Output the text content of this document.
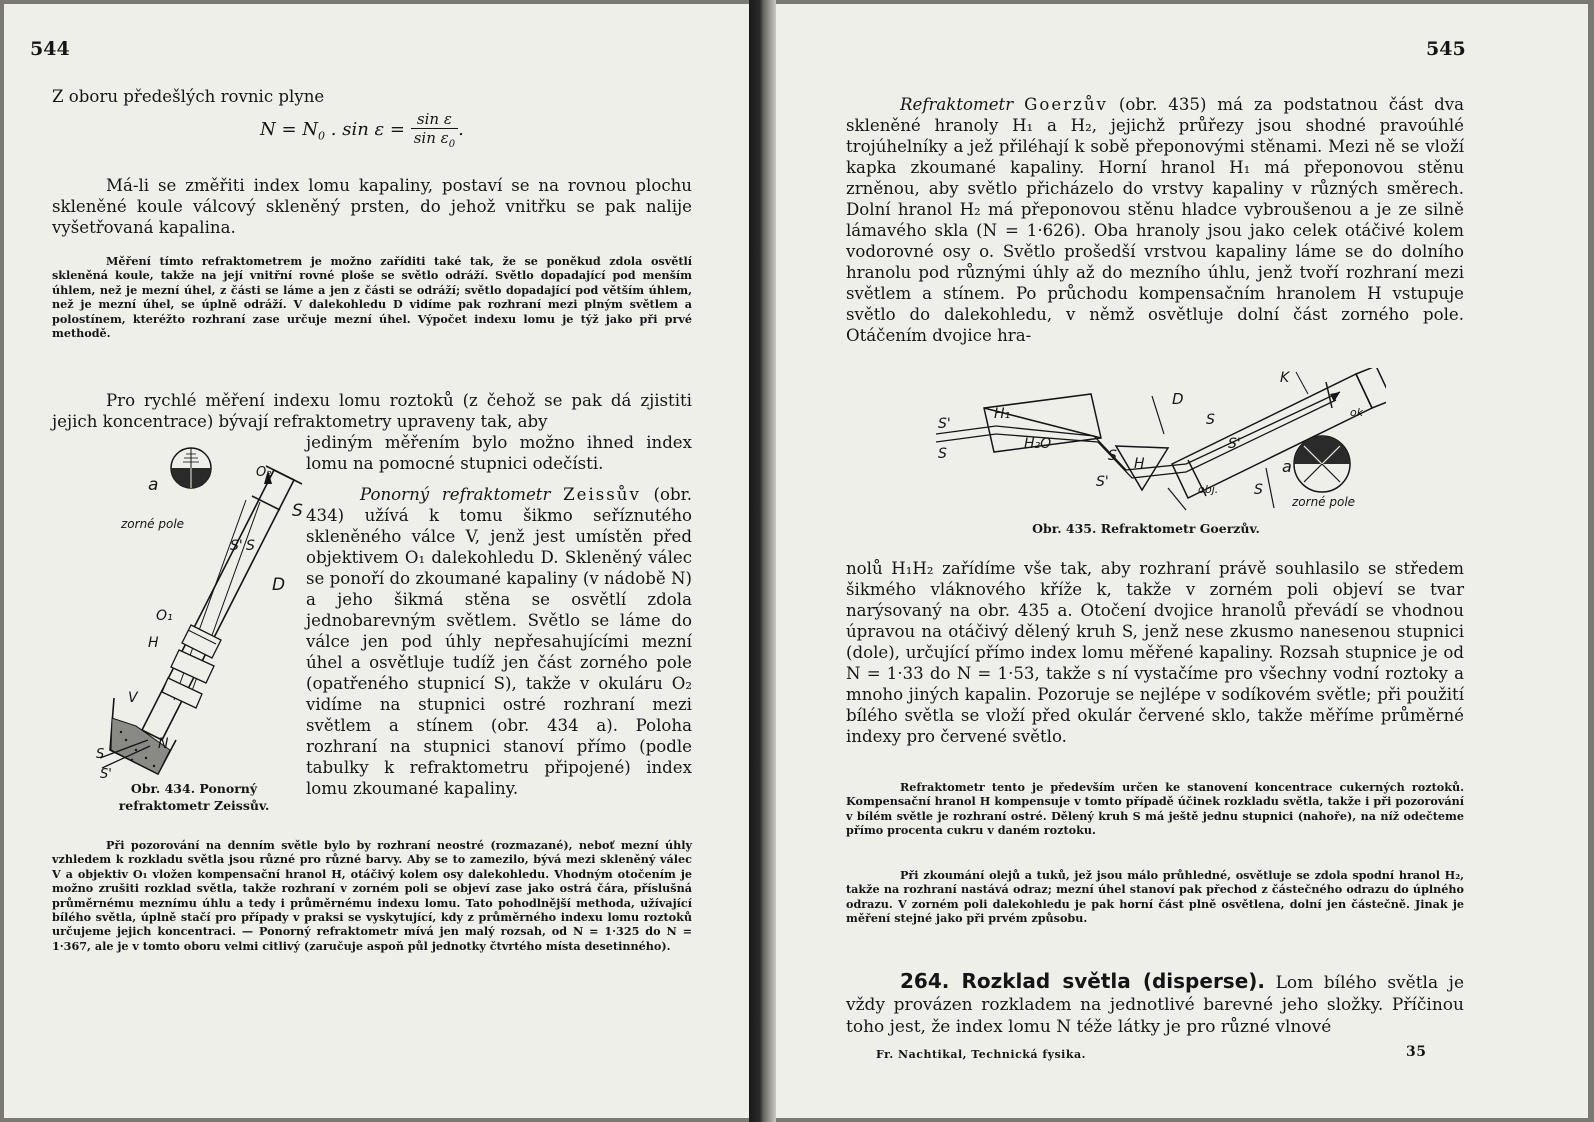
544
Z oboru předešlých rovnic plyne
$N = N_0$ . $\sin \varepsilon = \frac{\text{sin ε}}{\sin \varepsilon_0}$ .
Má-li se změřiti index lomu kapaliny, postaví se na rovnou plochu skleněné koule válcový skleněný prsten, do jehož vnitřku se pak nalije vyšetřovaná kapalina.
Měření tímto refraktometrem je možno zaříditi také tak, že se poněkud zdola osvětlí skleněná koule, takže na její vnitřní rovné ploše se světlo odráží. Světlo dopadající pod menším úhlem, než je mezní úhel, z části se láme a jen z části se odráží; světlo dopadající pod větším úhlem, než je mezní úhel, se úplně odráží. V dalekohledu D vidíme pak rozhraní mezi plným světlem a polostínem, kteréžto rozhraní zase určuje mezní úhel. Výpočet indexu lomu je týž jako při prvé methodě.
Pro rychlé měření indexu lomu roztoků (z čehož se pak dá zjistiti jejich koncentrace) bývají refraktometry upraveny tak, aby
jediným měřením bylo možno ihned index lomu na pomocné stupnici odečísti.
Ponorný refraktometr Zeissův (obr. 434) užívá k tomu šikmo seříznutého skleněného válce V, jenž jest umístěn před objektivem O₁ dalekohledu D. Skleněný válec se ponoří do zkoumané kapaliny (v nádobě N) a jeho šikmá stěna se osvětlí zdola jednobarevným světlem. Světlo se láme do válce jen pod úhly nepřesahujícími mezní úhel a osvětluje tudíž jen část zorného pole (opatřeného stupnicí S), takže v okuláru O₂ vidíme na stupnici ostré rozhraní mezi světlem a stínem (obr. 434 a). Poloha rozhraní na stupnici stanoví přímo (podle tabulky k refraktometru připojené) index lomu zkoumané kapaliny.
a
zorné pole
O₂
S
S' S
D
O₁
H
V
N
S
S'
Obr. 434. Ponorný refraktometr Zeissův.
Při pozorování na denním světle bylo by rozhraní neostré (rozmazané), neboť mezní úhly vzhledem k rozkladu světla jsou různé pro různé barvy. Aby se to zamezilo, bývá mezi skleněný válec V a objektiv O₁ vložen kompensační hranol H, otáčivý kolem osy dalekohledu. Vhodným otočením je možno zrušiti rozklad světla, takže rozhraní v zorném poli se objeví zase jako ostrá čára, příslušná průměrnému meznímu úhlu a tedy i průměrnému indexu lomu. Tato pohodlnější methoda, užívající bílého světla, úplně stačí pro případy v praksi se vyskytující, kdy z průměrného indexu lomu roztoků určujeme jejich koncentraci. — Ponorný refraktometr mívá jen malý rozsah, od N = 1·325 do N = 1·367, ale je v tomto oboru velmi citlivý (zaručuje aspoň půl jednotky čtvrtého místa desetinného).
545
Refraktometr Goerzův (obr. 435) má za podstatnou část dva skleněné hranoly H₁ a H₂, jejichž průřezy jsou shodné pravoúhlé trojúhelníky a jež přiléhají k sobě přeponovými stěnami. Mezi ně se vloží kapka zkoumané kapaliny. Horní hranol H₁ má přeponovou stěnu zrněnou, aby světlo přicházelo do vrstvy kapaliny v různých směrech. Dolní hranol H₂ má přeponovou stěnu hladce vybroušenou a je ze silně lámavého skla (N = 1·626). Oba hranoly jsou jako celek otáčivé kolem vodorovné osy o. Světlo prošedší vrstvou kapaliny láme se do dolního hranolu pod různými úhly až do mezního úhlu, jenž tvoří rozhraní mezi světlem a stínem. Po průchodu kompensačním hranolem H vstupuje světlo do dalekohledu, v němž osvětluje dolní část zorného pole. Otáčením dvojice hra-
S'
S
H₁
H₂O
H
S
S'
D
K
ok
S
S'
S
obj.
a
zorné pole
Obr. 435. Refraktometr Goerzův.
nolů H₁H₂ zařídíme vše tak, aby rozhraní právě souhlasilo se středem šikmého vláknového kříže k, takže v zorném poli objeví se tvar narýsovaný na obr. 435 a. Otočení dvojice hranolů převádí se vhodnou úpravou na otáčivý dělený kruh S, jenž nese zkusmo nanesenou stupnici (dole), určující přímo index lomu měřené kapaliny. Rozsah stupnice je od N = 1·33 do N = 1·53, takže s ní vystačíme pro všechny vodní roztoky a mnoho jiných kapalin. Pozoruje se nejlépe v sodíkovém světle; při použití bílého světla se vloží před okulár červené sklo, takže měříme průměrné indexy pro červené světlo.
Refraktometr tento je především určen ke stanovení koncentrace cukerných roztoků. Kompensační hranol H kompensuje v tomto případě účinek rozkladu světla, takže i při pozorování v bílém světle je rozhraní ostré. Dělený kruh S má ještě jednu stupnici (nahoře), na níž odečteme přímo procenta cukru v daném roztoku.
Při zkoumání olejů a tuků, jež jsou málo průhledné, osvětluje se zdola spodní hranol H₂, takže na rozhraní nastává odraz; mezní úhel stanoví pak přechod z částečného odrazu do úplného odrazu. V zorném poli dalekohledu je pak horní část plně osvětlena, dolní jen částečně. Jinak je měření stejné jako při prvém způsobu.
264. Rozklad světla (disperse). Lom bílého světla je vždy provázen rozkladem na jednotlivé barevné jeho složky. Příčinou toho jest, že index lomu N téže látky je pro různé vlnové
Fr. Nachtikal, Technická fysika.	35
